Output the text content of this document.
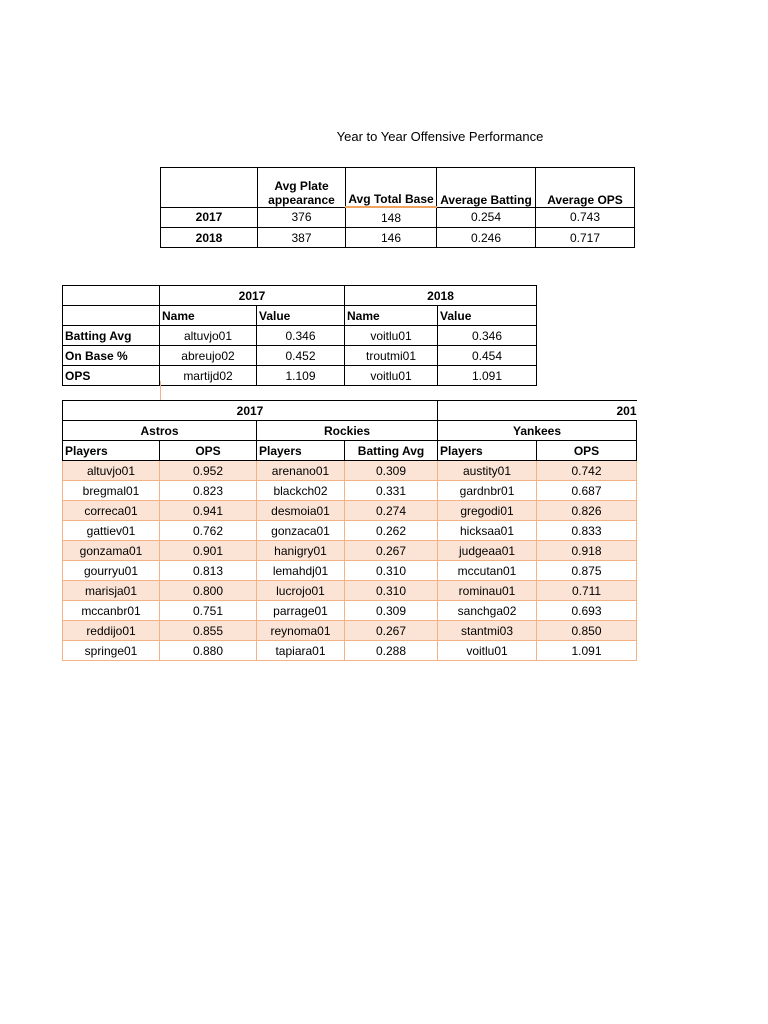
Year to Year Offensive Performance
	Avg Plate appearance	Avg Total Base	Average Batting	Average OPS
2017	376	148	0.254	0.743
2018	387	146	0.246	0.717
	2017		2018	
	Name	Value	Name	Value
Batting Avg	altuvjo01	0.346	voitlu01	0.346
On Base %	abreujo02	0.452	troutmi01	0.454
OPS	martijd02	1.109	voitlu01	1.091
2017				201	
Astros		Rockies		Yankees	
Players	OPS	Players	Batting Avg	Players	OPS
altuvjo01	0.952	arenano01	0.309	austity01	0.742
bregmal01	0.823	blackch02	0.331	gardnbr01	0.687
correca01	0.941	desmoia01	0.274	gregodi01	0.826
gattiev01	0.762	gonzaca01	0.262	hicksaa01	0.833
gonzama01	0.901	hanigry01	0.267	judgeaa01	0.918
gourryu01	0.813	lemahdj01	0.310	mccutan01	0.875
marisja01	0.800	lucrojo01	0.310	rominau01	0.711
mccanbr01	0.751	parrage01	0.309	sanchga02	0.693
reddijo01	0.855	reynoma01	0.267	stantmi03	0.850
springe01	0.880	tapiara01	0.288	voitlu01	1.091
